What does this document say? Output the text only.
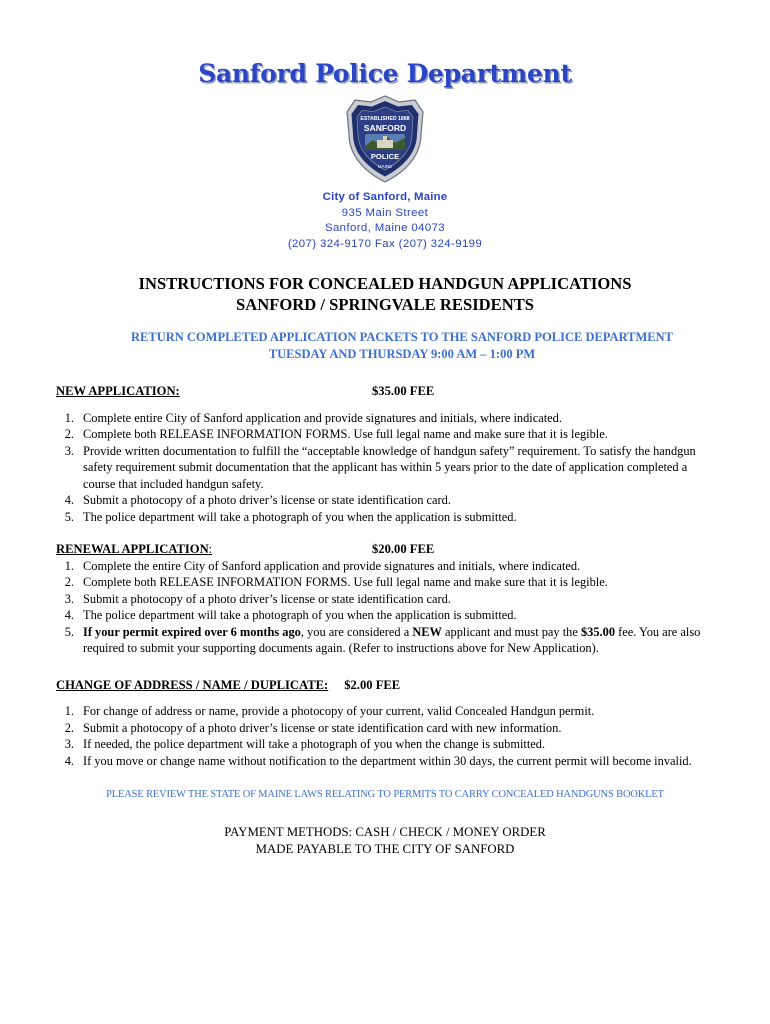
Sanford Police Department
ESTABLISHED 1888
SANFORD
POLICE
MAINE
City of Sanford, Maine
935 Main Street
Sanford, Maine 04073
(207) 324-9170 Fax (207) 324-9199
INSTRUCTIONS FOR CONCEALED HANDGUN APPLICATIONS
SANFORD / SPRINGVALE RESIDENTS
RETURN COMPLETED APPLICATION PACKETS TO THE SANFORD POLICE DEPARTMENT
TUESDAY AND THURSDAY 9:00 AM – 1:00 PM
NEW APPLICATION:	$35.00 FEE
Complete entire City of Sanford application and provide signatures and initials, where indicated.
Complete both RELEASE INFORMATION FORMS. Use full legal name and make sure that it is legible.
Provide written documentation to fulfill the “acceptable knowledge of handgun safety” requirement. To satisfy the handgun safety requirement submit documentation that the applicant has within 5 years prior to the date of application completed a course that included handgun safety.
Submit a photocopy of a photo driver’s license or state identification card.
The police department will take a photograph of you when the application is submitted.
RENEWAL APPLICATION:	$20.00 FEE
Complete the entire City of Sanford application and provide signatures and initials, where indicated.
Complete both RELEASE INFORMATION FORMS. Use full legal name and make sure that it is legible.
Submit a photocopy of a photo driver’s license or state identification card.
The police department will take a photograph of you when the application is submitted.
If your permit expired over 6 months ago, you are considered a NEW applicant and must pay the $35.00 fee. You are also required to submit your supporting documents again. (Refer to instructions above for New Application).
CHANGE OF ADDRESS / NAME / DUPLICATE: $2.00 FEE
For change of address or name, provide a photocopy of your current, valid Concealed Handgun permit.
Submit a photocopy of a photo driver’s license or state identification card with new information.
If needed, the police department will take a photograph of you when the change is submitted.
If you move or change name without notification to the department within 30 days, the current permit will become invalid.
PLEASE REVIEW THE STATE OF MAINE LAWS RELATING TO PERMITS TO CARRY CONCEALED HANDGUNS BOOKLET
PAYMENT METHODS: CASH / CHECK / MONEY ORDER
MADE PAYABLE TO THE CITY OF SANFORD
